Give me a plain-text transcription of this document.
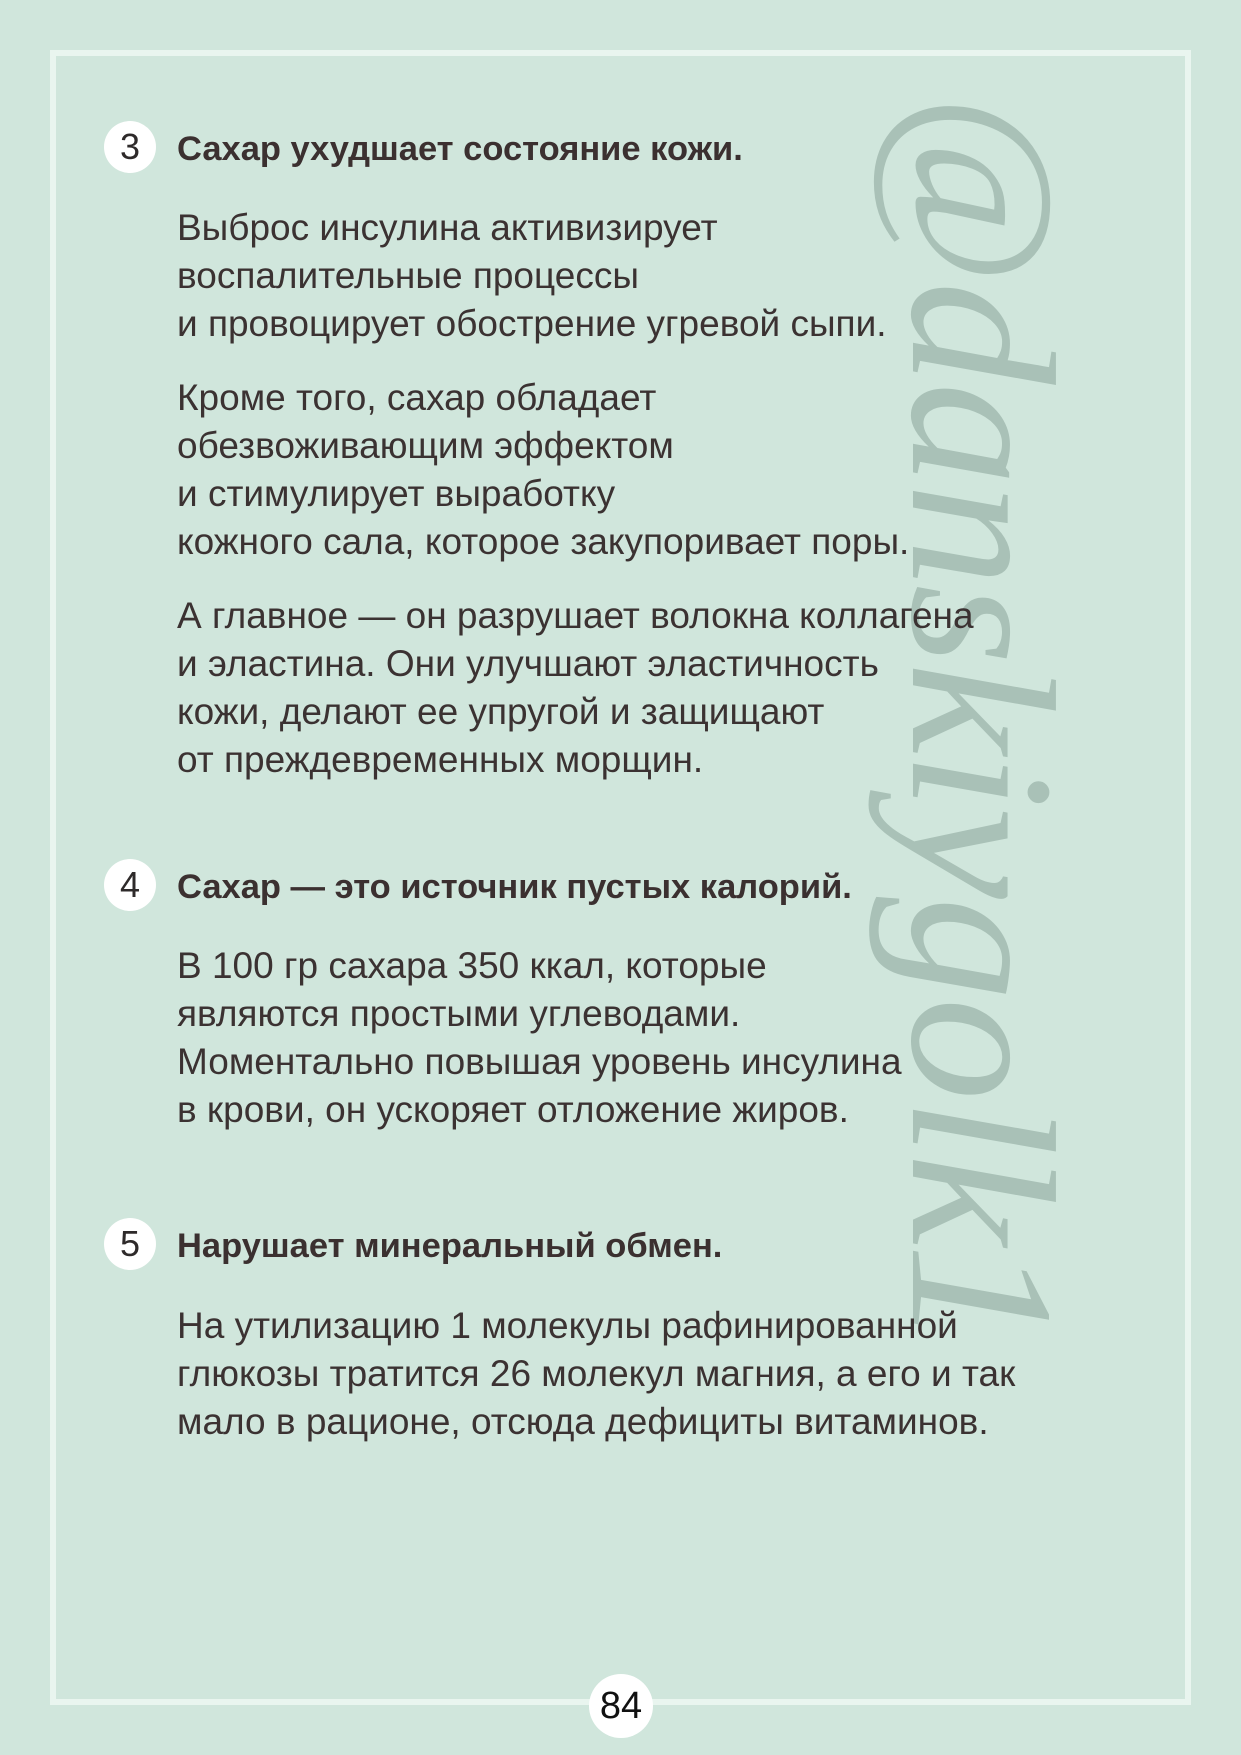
@danskiygolk1
3	Сахар ухудшает состояние кожи.
Выброс инсулина активизирует
воспалительные процессы
и провоцирует обострение угревой сыпи.
Кроме того, сахар обладает
обезвоживающим эффектом
и стимулирует выработку
кожного сала, которое закупоривает поры.
А главное — он разрушает волокна коллагена
и эластина. Они улучшают эластичность
кожи, делают ее упругой и защищают
от преждевременных морщин.
4	Сахар — это источник пустых калорий.
В 100 гр сахара 350 ккал, которые
являются простыми углеводами.
Моментально повышая уровень инсулина
в крови, он ускоряет отложение жиров.
5	Нарушает минеральный обмен.
На утилизацию 1 молекулы рафинированной
глюкозы тратится 26 молекул магния, а его и так
мало в рационе, отсюда дефициты витаминов.
84
